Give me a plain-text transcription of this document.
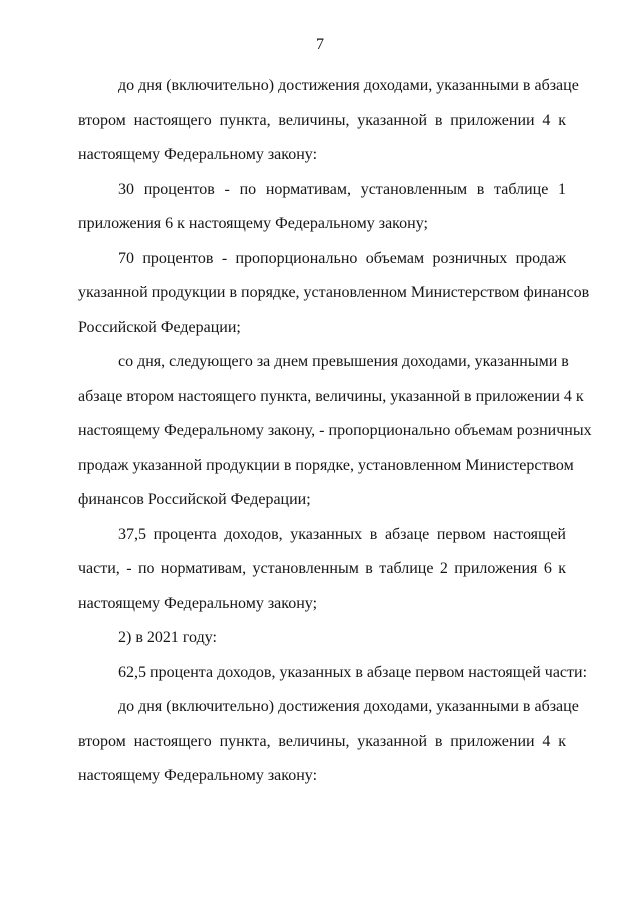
7
до дня (включительно) достижения доходами, указанными в абзаце
втором настоящего пункта, величины, указанной в приложении 4 к
настоящему Федеральному закону:
30 процентов - по нормативам, установленным в таблице 1
приложения 6 к настоящему Федеральному закону;
70 процентов - пропорционально объемам розничных продаж
указанной продукции в порядке, установленном Министерством финансов
Российской Федерации;
со дня, следующего за днем превышения доходами, указанными в
абзаце втором настоящего пункта, величины, указанной в приложении 4 к
настоящему Федеральному закону, - пропорционально объемам розничных
продаж указанной продукции в порядке, установленном Министерством
финансов Российской Федерации;
37,5 процента доходов, указанных в абзаце первом настоящей
части, - по нормативам, установленным в таблице 2 приложения 6 к
настоящему Федеральному закону;
2) в 2021 году:
62,5 процента доходов, указанных в абзаце первом настоящей части:
до дня (включительно) достижения доходами, указанными в абзаце
втором настоящего пункта, величины, указанной в приложении 4 к
настоящему Федеральному закону:
